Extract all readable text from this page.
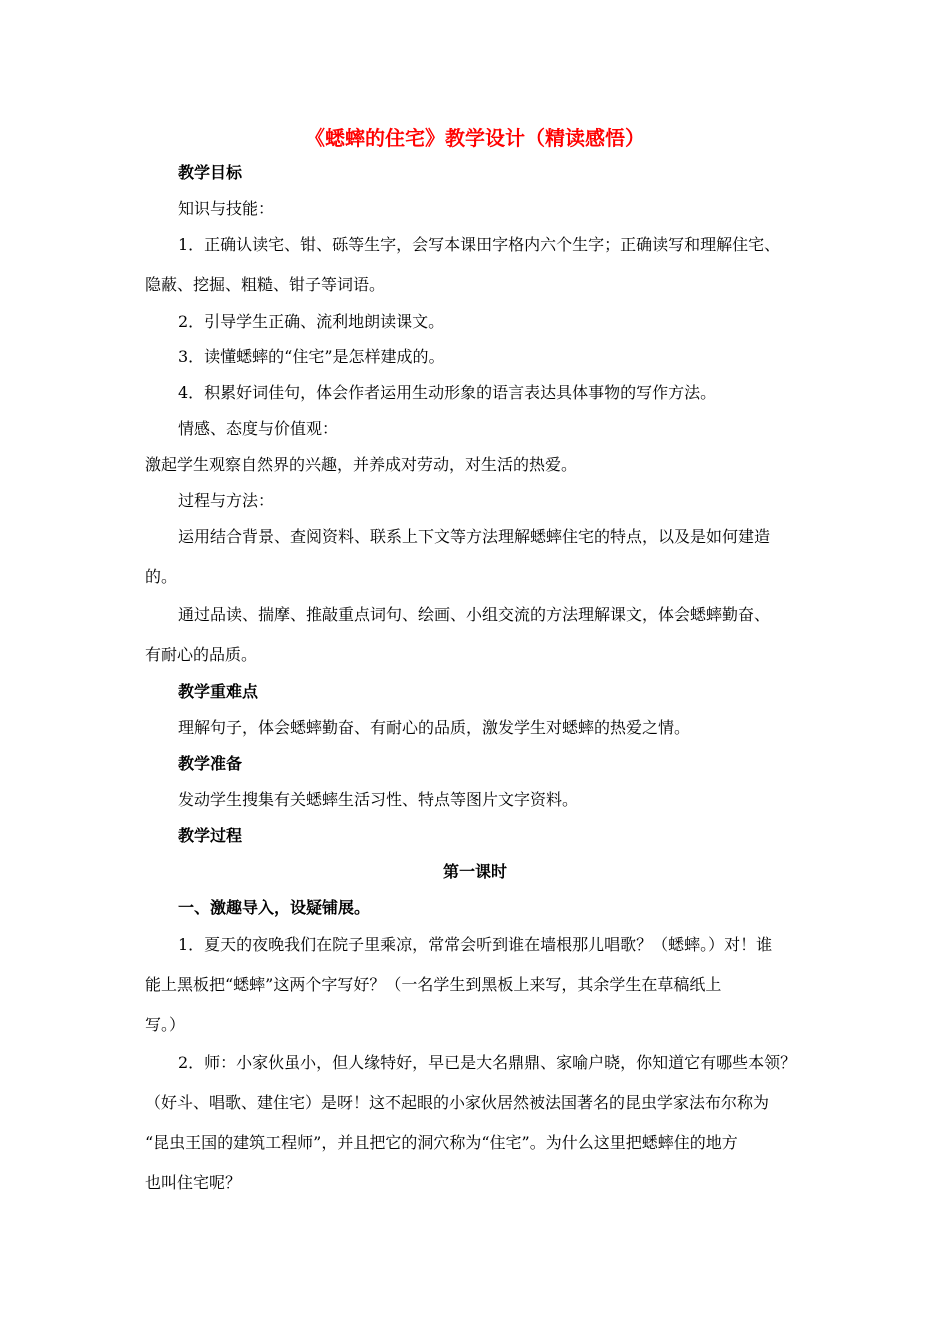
《蟋蟀的住宅》教学设计（精读感悟）
教学目标
知识与技能：
1．正确认读宅、钳、砾等生字，会写本课田字格内六个生字；正确读写和理解住宅、
隐蔽、挖掘、粗糙、钳子等词语。
2．引导学生正确、流利地朗读课文。
3．读懂蟋蟀的“住宅”是怎样建成的。
4．积累好词佳句，体会作者运用生动形象的语言表达具体事物的写作方法。
情感、态度与价值观：
激起学生观察自然界的兴趣，并养成对劳动，对生活的热爱。
过程与方法：
运用结合背景、查阅资料、联系上下文等方法理解蟋蟀住宅的特点，以及是如何建造
的。
通过品读、揣摩、推敲重点词句、绘画、小组交流的方法理解课文，体会蟋蟀勤奋、
有耐心的品质。
教学重难点
理解句子，体会蟋蟀勤奋、有耐心的品质，激发学生对蟋蟀的热爱之情。
教学准备
发动学生搜集有关蟋蟀生活习性、特点等图片文字资料。
教学过程
第一课时
一、激趣导入，设疑铺展。
1．夏天的夜晚我们在院子里乘凉，常常会听到谁在墙根那儿唱歌？（蟋蟀。）对！谁
能上黑板把“蟋蟀”这两个字写好？（一名学生到黑板上来写，其余学生在草稿纸上
写。）
2．师：小家伙虽小，但人缘特好，早已是大名鼎鼎、家喻户晓，你知道它有哪些本领？
（好斗、唱歌、建住宅）是呀！这不起眼的小家伙居然被法国著名的昆虫学家法布尔称为
“昆虫王国的建筑工程师”，并且把它的洞穴称为“住宅”。为什么这里把蟋蟀住的地方
也叫住宅呢？
